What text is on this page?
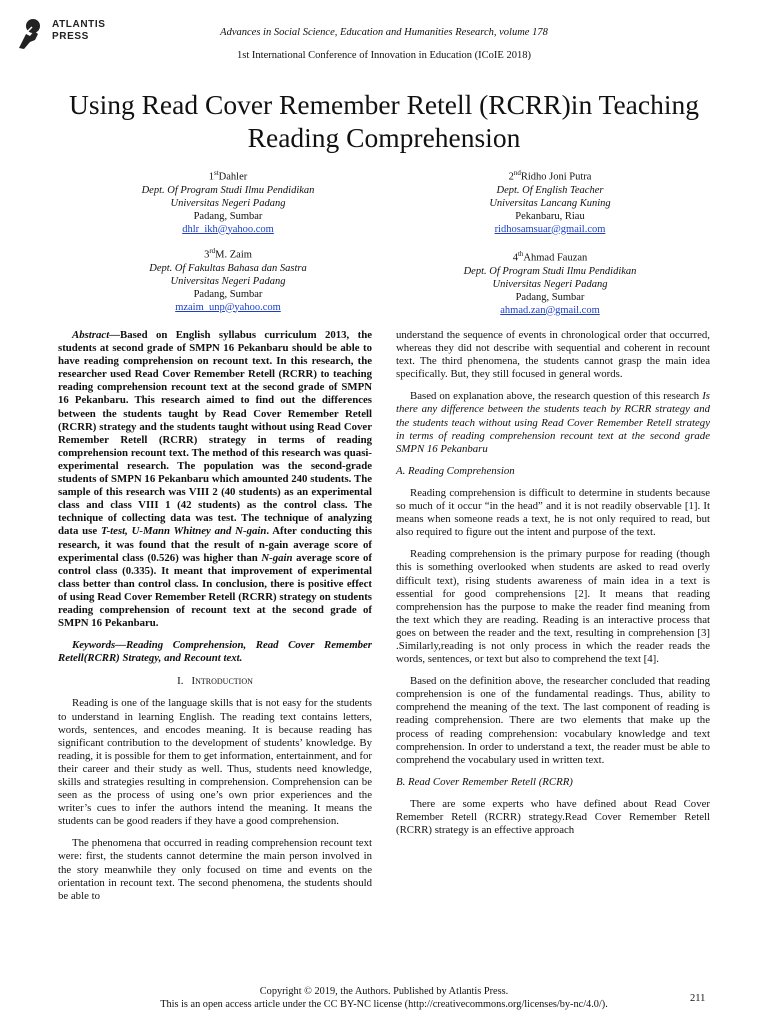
ATLANTIS
PRESS	Advances in Social Science, Education and Humanities Research, volume 178
1st International Conference of Innovation in Education (ICoIE 2018)
Using Read Cover Remember Retell (RCRR)in Teaching Reading Comprehension
1stDahler
Dept. Of Program Studi Ilmu Pendidikan
Universitas Negeri Padang
Padang, Sumbar
dhlr_ikh@yahoo.com
2ndRidho Joni Putra
Dept. Of English Teacher
Universitas Lancang Kuning
Pekanbaru, Riau
ridhosamsuar@gmail.com
3rdM. Zaim
Dept. Of Fakultas Bahasa dan Sastra
Universitas Negeri Padang
Padang, Sumbar
mzaim_unp@yahoo.com
4thAhmad Fauzan
Dept. Of Program Studi Ilmu Pendidikan
Universitas Negeri Padang
Padang, Sumbar
ahmad.zan@gmail.com
Abstract—Based on English syllabus curriculum 2013, the students at second grade of SMPN 16 Pekanbaru should be able to have reading comprehension on recount text. In this research, the researcher used Read Cover Remember Retell (RCRR) to teaching reading comprehension recount text at the second grade of SMPN 16 Pekanbaru. This research aimed to find out the differences between the students taught by Read Cover Remember Retell (RCRR) strategy and the students taught without using Read Cover Remember Retell (RCRR) strategy in terms of reading comprehension recount text. The method of this research was quasi-experimental research. The population was the second-grade students of SMPN 16 Pekanbaru which amounted 240 students. The sample of this research was VIII 2 (40 students) as an experimental class and class VIII 1 (42 students) as the control class. The technique of collecting data was test. The technique of analyzing data use T-test, U-Mann Whitney and N-gain. After conducting this research, it was found that the result of n-gain average score of experimental class (0.526) was higher than N-gain average score of control class (0.335). It meant that improvement of experimental class better than control class. In conclusion, there is positive effect of using Read Cover Remember Retell (RCRR) strategy on students reading comprehension of recount text at the second grade of SMPN 16 Pekanbaru.
Keywords—Reading Comprehension, Read Cover Remember Retell(RCRR) Strategy, and Recount text.
I. Introduction

Reading is one of the language skills that is not easy for the students to understand in learning English. The reading text contains letters, words, sentences, and encodes meaning. It is because reading has significant contribution to the development of students’ knowledge. By reading, it is possible for them to get information, entertainment, and for their career and their study as well. Thus, students need knowledge, skills and strategies resulting in comprehension. Comprehension can be seen as the process of using one’s own prior experiences and the writer’s cues to infer the authors intend the meaning. It means the students can be good readers if they have a good comprehension.

The phenomena that occurred in reading comprehension recount text were: first, the students cannot determine the main person involved in the story meanwhile they only focused on time and events on the orientation in recount text. The second phenomena, the students should be able to

understand the sequence of events in chronological order that occurred, whereas they did not describe with sequential and coherent in recount text. The third phenomena, the students cannot grasp the main idea specifically. But, they still focused in general words.

Based on explanation above, the research question of this research Is there any difference between the students teach by RCRR strategy and the students teach without using Read Cover Remember Retell strategy in terms of reading comprehension recount text at the second grade SMPN 16 Pekanbaru

A. Reading Comprehension

Reading comprehension is difficult to determine in students because so much of it occur “in the head” and it is not readily observable [1]. It means when someone reads a text, he is not only required to read, but also required to figure out the intent and purpose of the text.

Reading comprehension is the primary purpose for reading (though this is something overlooked when students are asked to read overly difficult text), rising students awareness of main idea in a text is essential for good comprehensions [2]. It means that reading comprehension has the purpose to make the reader find meaning from the text which they are reading. Reading is an interactive process that goes on between the reader and the text, resulting in comprehension [3] .Similarly,reading is not only process in which the reader reads the words, sentences, or text but also to comprehend the text [4].

Based on the definition above, the researcher concluded that reading comprehension is one of the fundamental readings. Thus, ability to comprehend the meaning of the text. The last component of reading is reading comprehension. There are two elements that make up the process of reading comprehension: vocabulary knowledge and text comprehension. In order to understand a text, the reader must be able to comprehend the vocabulary used in written text.

B. Read Cover Remember Retell (RCRR)

There are some experts who have defined about Read Cover Remember Retell (RCRR) strategy.Read Cover Remember Retell (RCRR) strategy is an effective approach

Copyright © 2019, the Authors. Published by Atlantis Press.
This is an open access article under the CC BY-NC license (http://creativecommons.org/licenses/by-nc/4.0/).
211
